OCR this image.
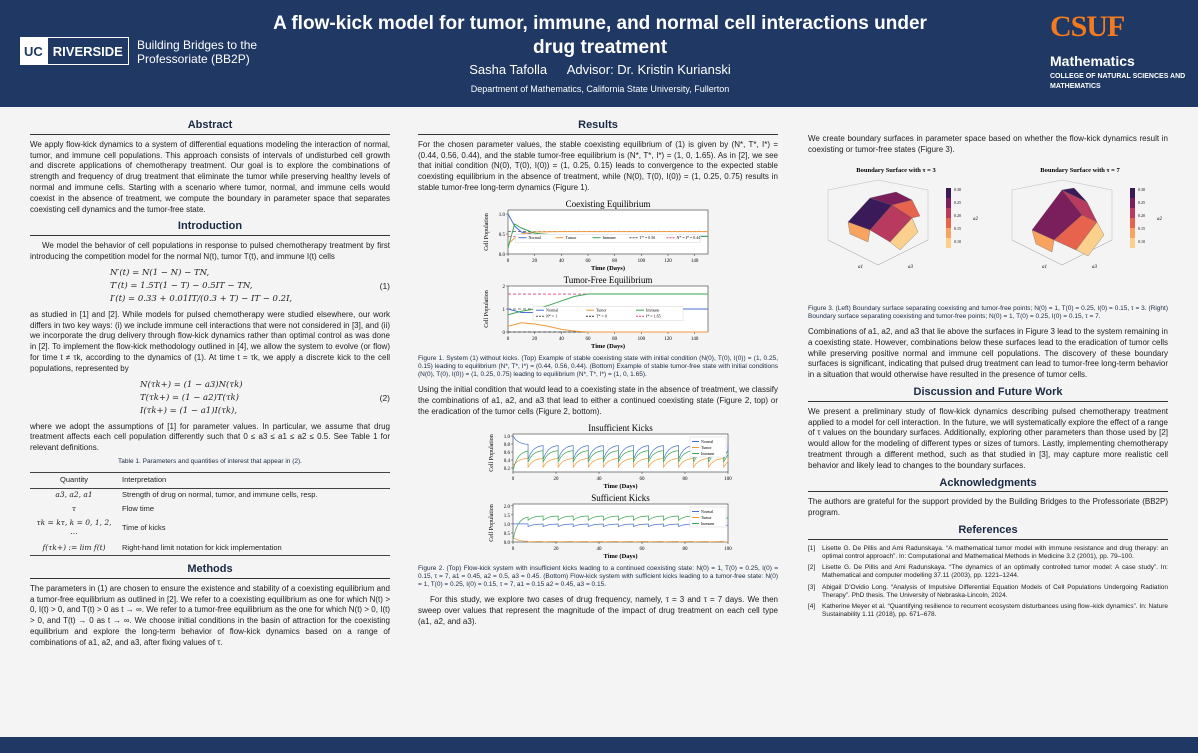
UC RIVERSIDE	Building Bridges to the Professoriate (BB2P)
A flow-kick model for tumor, immune, and normal cell interactions under drug treatment
Sasha Tafolla Advisor: Dr. Kristin Kurianski
Department of Mathematics, California State University, Fullerton
CSUF
Mathematics
COLLEGE OF NATURAL SCIENCES AND MATHEMATICS
Abstract

We apply flow-kick dynamics to a system of differential equations modeling the interaction of normal, tumor, and immune cell populations. This approach consists of intervals of undisturbed cell growth and discrete applications of chemotherapy treatment. Our goal is to explore the combinations of strength and frequency of drug treatment that eliminate the tumor while preserving healthy levels of normal and immune cells. Starting with a scenario where tumor, normal, and immune cells would coexist in the absence of treatment, we compute the boundary in parameter space that separates coexisting cell dynamics and the tumor-free state.

Introduction

We model the behavior of cell populations in response to pulsed chemotherapy treatment by first introducing the competition model for the normal N(t), tumor T(t), and immune I(t) cells

N′(t) = N(1 − N) − TN,
T′(t) = 1.5T(1 − T) − 0.5IT − TN,
I′(t) = 0.33 + 0.01IT/(0.3 + T) − IT − 0.2I,
(1)

as studied in [1] and [2]. While models for pulsed chemotherapy were studied elsewhere, our work differs in two key ways: (i) we include immune cell interactions that were not considered in [3], and (ii) we incorporate the drug delivery through flow-kick dynamics rather than optimal control as was done in [2]. To implement the flow-kick methodology outlined in [4], we allow the system to evolve (or flow) for time t ≠ τk, according to the dynamics of (1). At time t = τk, we apply a discrete kick to the cell populations, represented by

N(τk+) = (1 − a3)N(τk)
T(τk+) = (1 − a2)T(τk)
I(τk+) = (1 − a1)I(τk),
(2)

where we adopt the assumptions of [1] for parameter values. In particular, we assume that drug treatment affects each cell population differently such that 0 ≤ a3 ≤ a1 ≤ a2 ≤ 0.5. See Table 1 for relevant definitions.

Table 1. Parameters and quantities of interest that appear in (2).
Quantity	Interpretation
a3, a2, a1	Strength of drug on normal, tumor, and immune cells, resp.
τ	Flow time
τk = kτ, k = 0, 1, 2, ···	Time of kicks
f(τk+) := lim f(t)	Right-hand limit notation for kick implementation
Methods

The parameters in (1) are chosen to ensure the existence and stability of a coexisting equilibrium and a tumor-free equilibrium as outlined in [2]. We refer to a coexisting equilibrium as one for which N(t) > 0, I(t) > 0, and T(t) > 0 as t → ∞. We refer to a tumor-free equilibrium as the one for which N(t) > 0, I(t) > 0, and T(t) → 0 as t → ∞. We choose initial conditions in the basin of attraction for the coexisting equilibrium and explore the long-term behavior of flow-kick dynamics based on a range of combinations of a1, a2, and a3, after fixing values of τ.

Results

For the chosen parameter values, the stable coexisting equilibrium of (1) is given by (N*, T*, I*) = (0.44, 0.56, 0.44), and the stable tumor-free equilibrium is (N*, T*, I*) = (1, 0, 1.65). As in [2], we see that initial condition (N(0), T(0), I(0)) = (1, 0.25, 0.15) leads to convergence to the expected stable coexisting equilibrium in the absence of treatment, while (N(0), T(0), I(0)) = (1, 0.25, 0.75) results in stable tumor-free long-term dynamics (Figure 1).

Coexisting Equilibrium
0	20	40	60	80	100	120	140
0.0
0.5
1.0
Time (Days)
Cell Population	Normal	Tumor	Immune	T* = 0.56	N* = I* = 0.44
Tumor-Free Equilibrium
0	20	40	60	80	100	120	140
0
1
2
Time (Days)
Cell Population	Normal	Tumor	Immune
N* = 1	T* = 0	I* = 1.65
Figure 1. System (1) without kicks. (Top) Example of stable coexisting state with initial condition (N(0), T(0), I(0)) = (1, 0.25, 0.15) leading to equilibrium (N*, T*, I*) = (0.44, 0.56, 0.44). (Bottom) Example of stable tumor-free state with initial conditions (N(0), T(0), I(0)) = (1, 0.25, 0.75) leading to equilibrium (N*, T*, I*) = (1, 0, 1.65).

Using the initial condition that would lead to a coexisting state in the absence of treatment, we classify the combinations of a1, a2, and a3 that lead to either a continued coexisting state (Figure 2, top) or the eradication of the tumor cells (Figure 2, bottom).

Insufficient Kicks
0	20	40	60	80	100
0.2
0.4
0.6
0.8
1.0
Time (Days)
Cell Population	Normal
Tumor
Immune
Sufficient Kicks
0	20	40	60	80	100
0.0
0.5
1.0
1.5
2.0
Time (Days)
Cell Population	Normal
Tumor
Immune
Figure 2. (Top) Flow-kick system with insufficient kicks leading to a continued coexisting state: N(0) = 1, T(0) = 0.25, I(0) = 0.15, τ = 7, a1 = 0.45, a2 = 0.5, a3 = 0.45. (Bottom) Flow-kick system with sufficient kicks leading to a tumor-free state: N(0) = 1, T(0) = 0.25, I(0) = 0.15, τ = 7, a1 = 0.15 a2 = 0.45, a3 = 0.15.

For this study, we explore two cases of drug frequency, namely, τ = 3 and τ = 7 days. We then sweep over values that represent the magnitude of the impact of drug treatment on each cell type (a1, a2, and a3).

We create boundary surfaces in parameter space based on whether the flow-kick dynamics result in coexisting or tumor-free states (Figure 3).

Boundary Surface with τ = 3
0.30
0.25
0.20
0.15
0.10
a2
a1	a3
Boundary Surface with τ = 7
0.30
0.25
0.20
0.15
0.10
a2
a1	a3
Figure 3. (Left) Boundary surface separating coexisting and tumor-free points; N(0) = 1, T(0) = 0.25, I(0) = 0.15, τ = 3. (Right) Boundary surface separating coexisting and tumor-free points; N(0) = 1, T(0) = 0.25, I(0) = 0.15, τ = 7.

Combinations of a1, a2, and a3 that lie above the surfaces in Figure 3 lead to the system remaining in a coexisting state. However, combinations below these surfaces lead to the eradication of tumor cells while preserving positive normal and immune cell populations. The discovery of these boundary surfaces is significant, indicating that pulsed drug treatment can lead to tumor-free long-term behavior in a situation that would otherwise have resulted in the presence of tumor cells.

Discussion and Future Work

We present a preliminary study of flow-kick dynamics describing pulsed chemotherapy treatment applied to a model for cell interaction. In the future, we will systematically explore the effect of a range of τ values on the boundary surfaces. Additionally, exploring other parameters than those used by [2] would allow for the modeling of different types or sizes of tumors. Lastly, implementing chemotherapy treatment through a different method, such as that studied in [3], may capture more realistic cell behavior and likely lead to changes to the boundary surfaces.

Acknowledgments

The authors are grateful for the support provided by the Building Bridges to the Professoriate (BB2P) program.

References
[1]	Lisette G. De Pillis and Ami Radunskaya. “A mathematical tumor model with immune resistance and drug therapy: an optimal control approach”. In: Computational and Mathematical Methods in Medicine 3.2 (2001), pp. 79–100.
[2]	Lisette G. De Pillis and Ami Radunskaya. “The dynamics of an optimally controlled tumor model: A case study”. In: Mathematical and computer modelling 37.11 (2003), pp. 1221–1244.
[3]	Abigail D’Ovidio Long. “Analysis of Impulsive Differential Equation Models of Cell Populations Undergoing Radiation Therapy”. PhD thesis. The University of Nebraska-Lincoln, 2024.
[4]	Katherine Meyer et al. “Quantifying resilience to recurrent ecosystem disturbances using flow–kick dynamics”. In: Nature Sustainability 1.11 (2018), pp. 671–678.
